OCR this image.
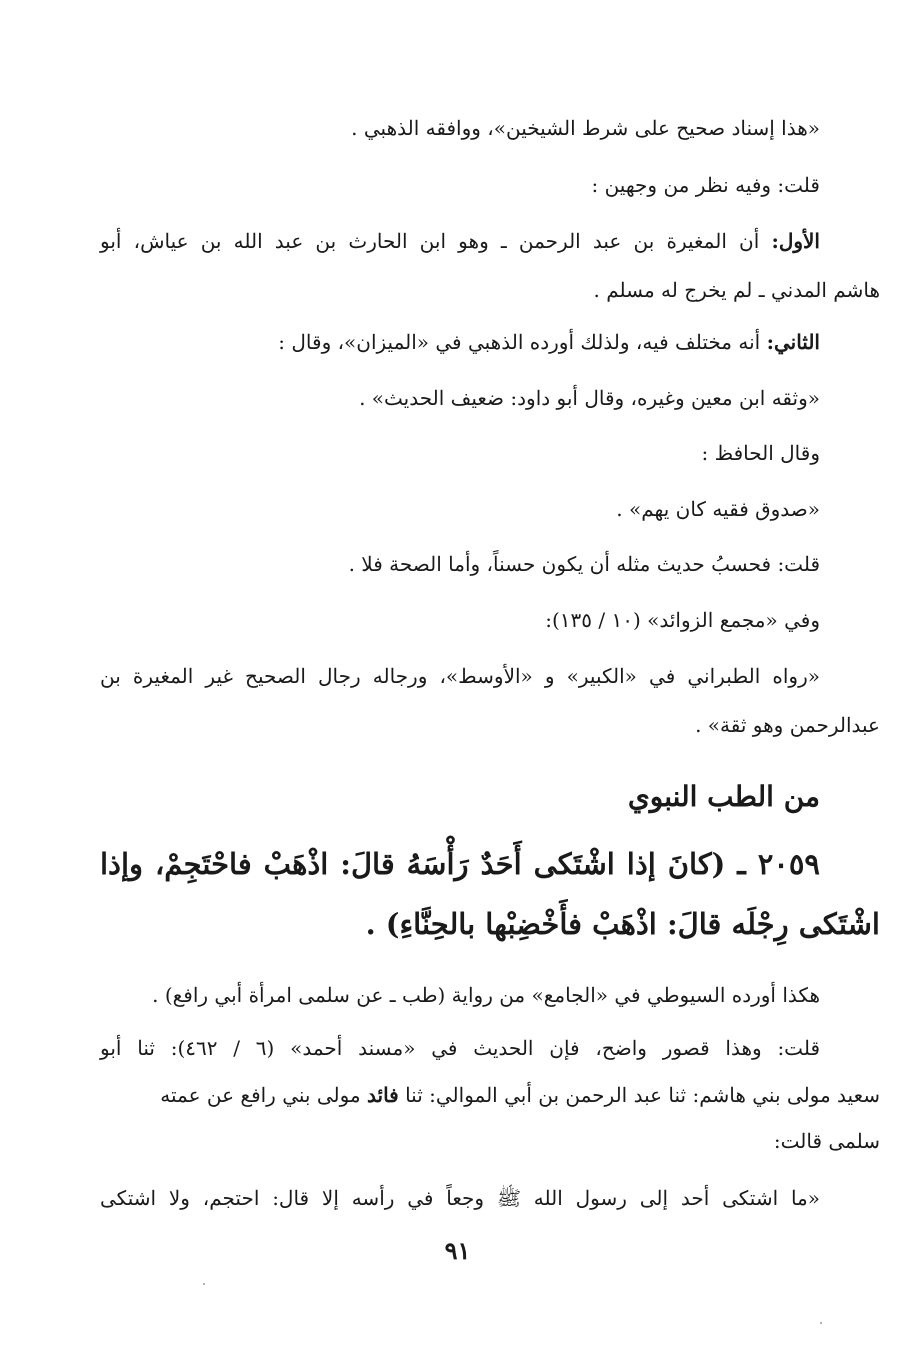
«هذا إسناد صحيح على شرط الشيخين»، ووافقه الذهبي .
قلت: وفيه نظر من وجهين :
الأول: أن المغيرة بن عبد الرحمن ـ وهو ابن الحارث بن عبد الله بن عياش، أبو
هاشم المدني ـ لم يخرج له مسلم .
الثاني: أنه مختلف فيه، ولذلك أورده الذهبي في «الميزان»، وقال :
«وثقه ابن معين وغيره، وقال أبو داود: ضعيف الحديث» .
وقال الحافظ :
«صدوق فقيه كان يهم» .
قلت: فحسبُ حديث مثله أن يكون حسناً، وأما الصحة فلا .
وفي «مجمع الزوائد» (١٠ / ١٣٥):
«رواه الطبراني في «الكبير» و «الأوسط»، ورجاله رجال الصحيح غير المغيرة بن
عبدالرحمن وهو ثقة» .
من الطب النبوي
٢٠٥٩ ـ (كانَ إذا اشْتَكى أَحَدٌ رَأْسَهُ قالَ: اذْهَبْ فاحْتَجِمْ، وإذا
اشْتَكى رِجْلَه قالَ: اذْهَبْ فأَخْضِبْها بالحِنَّاءِ) .
هكذا أورده السيوطي في «الجامع» من رواية (طب ـ عن سلمى امرأة أبي رافع) .
قلت: وهذا قصور واضح، فإن الحديث في «مسند أحمد» (٦ / ٤٦٢): ثنا أبو
سعيد مولى بني هاشم: ثنا عبد الرحمن بن أبي الموالي: ثنا فائد مولى بني رافع عن عمته
سلمى قالت:
«ما اشتكى أحد إلى رسول الله ﷺ وجعاً في رأسه إلا قال: احتجم، ولا اشتكى
٩١
